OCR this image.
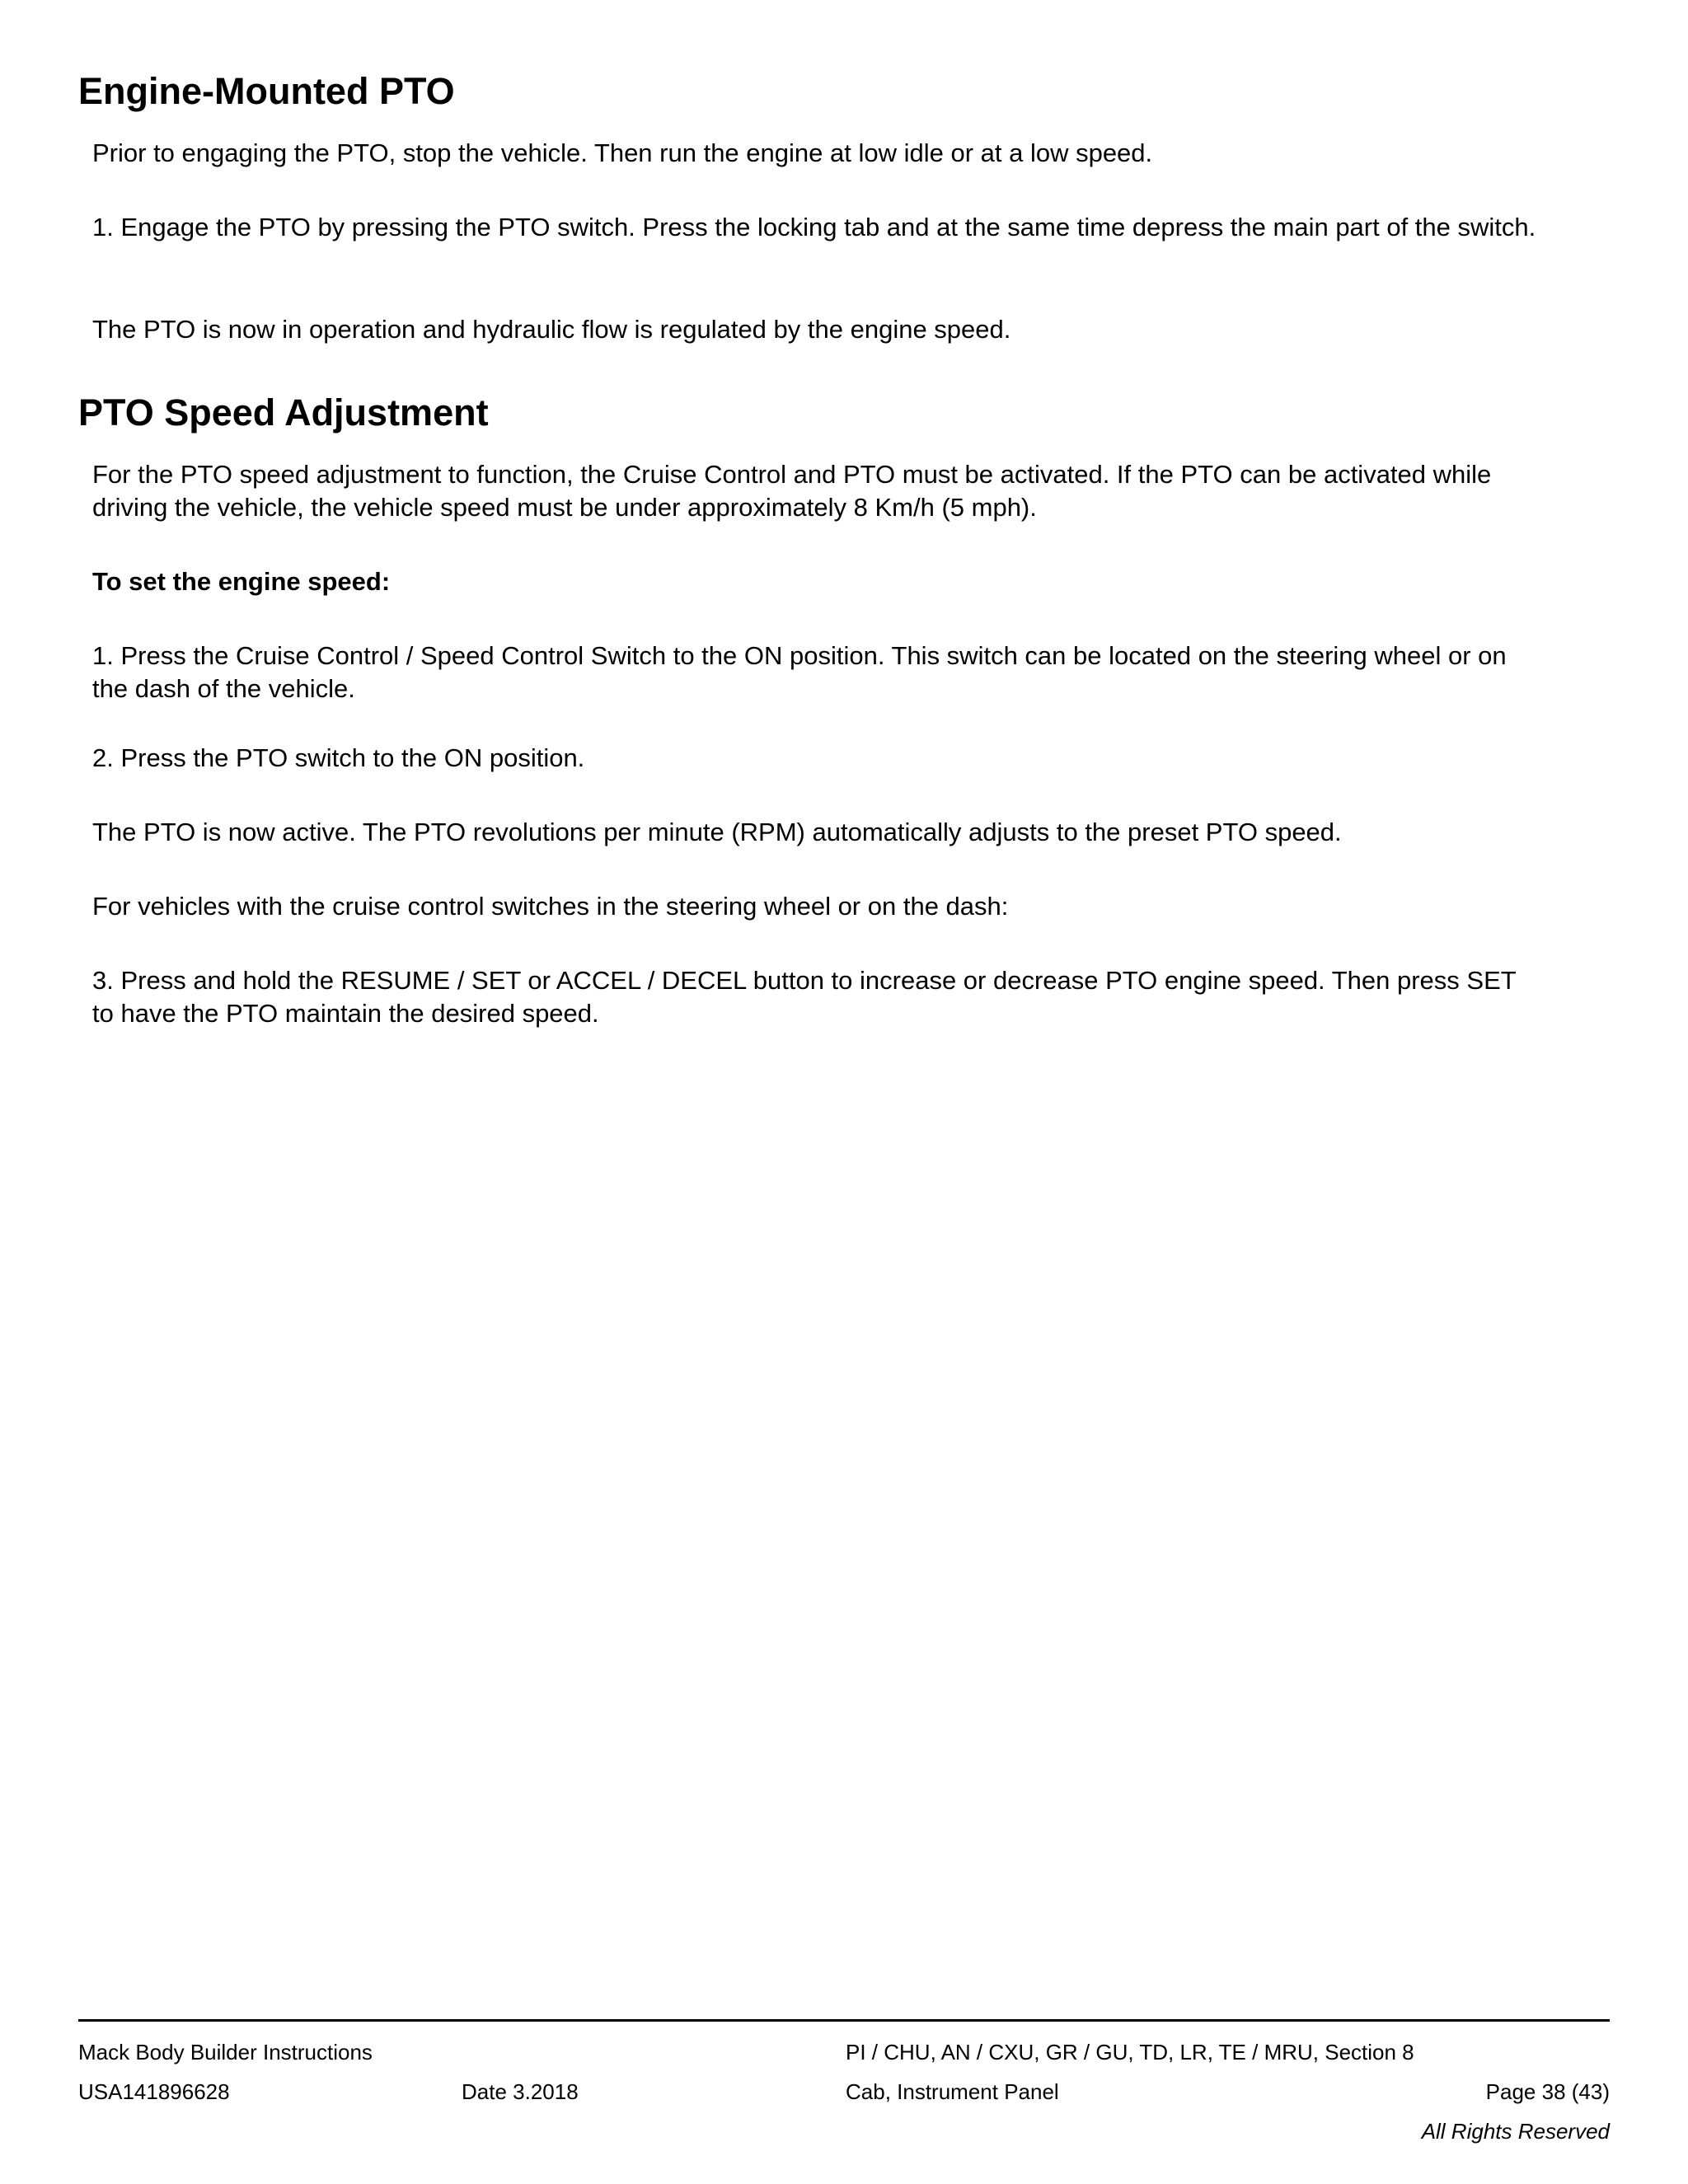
Engine-Mounted PTO

Prior to engaging the PTO, stop the vehicle. Then run the engine at low idle or at a low speed.

1. Engage the PTO by pressing the PTO switch. Press the locking tab and at the same time depress the main part of the switch.

The PTO is now in operation and hydraulic flow is regulated by the engine speed.

PTO Speed Adjustment

For the PTO speed adjustment to function, the Cruise Control and PTO must be activated. If the PTO can be activated while driving the vehicle, the vehicle speed must be under approximately 8 Km/h (5 mph).

To set the engine speed:

1. Press the Cruise Control / Speed Control Switch to the ON position. This switch can be located on the steering wheel or on the dash of the vehicle.

2. Press the PTO switch to the ON position.

The PTO is now active. The PTO revolutions per minute (RPM) automatically adjusts to the preset PTO speed.

For vehicles with the cruise control switches in the steering wheel or on the dash:

3. Press and hold the RESUME / SET or ACCEL / DECEL button to increase or decrease PTO engine speed. Then press SET to have the PTO maintain the desired speed.

Mack Body Builder Instructions	PI / CHU, AN / CXU, GR / GU, TD, LR, TE / MRU, Section 8

USA141896628	Date 3.2018	Cab, Instrument Panel	Page 38 (43)

All Rights Reserved
